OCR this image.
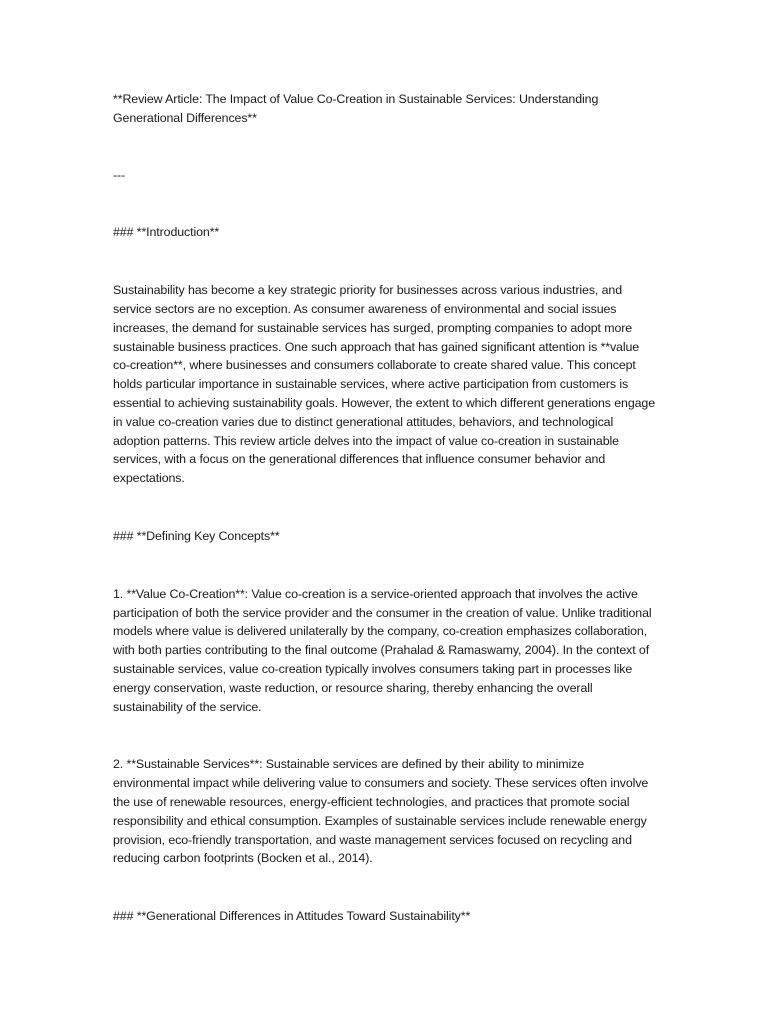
**Review Article: The Impact of Value Co-Creation in Sustainable Services: Understanding Generational Differences**

---

### **Introduction**

Sustainability has become a key strategic priority for businesses across various industries, and service sectors are no exception. As consumer awareness of environmental and social issues increases, the demand for sustainable services has surged, prompting companies to adopt more sustainable business practices. One such approach that has gained significant attention is **value co-creation**, where businesses and consumers collaborate to create shared value. This concept holds particular importance in sustainable services, where active participation from customers is essential to achieving sustainability goals. However, the extent to which different generations engage in value co-creation varies due to distinct generational attitudes, behaviors, and technological adoption patterns. This review article delves into the impact of value co-creation in sustainable services, with a focus on the generational differences that influence consumer behavior and expectations.

### **Defining Key Concepts**

1. **Value Co-Creation**: Value co-creation is a service-oriented approach that involves the active participation of both the service provider and the consumer in the creation of value. Unlike traditional models where value is delivered unilaterally by the company, co-creation emphasizes collaboration, with both parties contributing to the final outcome (Prahalad & Ramaswamy, 2004). In the context of sustainable services, value co-creation typically involves consumers taking part in processes like energy conservation, waste reduction, or resource sharing, thereby enhancing the overall sustainability of the service.

2. **Sustainable Services**: Sustainable services are defined by their ability to minimize environmental impact while delivering value to consumers and society. These services often involve the use of renewable resources, energy-efficient technologies, and practices that promote social responsibility and ethical consumption. Examples of sustainable services include renewable energy provision, eco-friendly transportation, and waste management services focused on recycling and reducing carbon footprints (Bocken et al., 2014).

### **Generational Differences in Attitudes Toward Sustainability**
